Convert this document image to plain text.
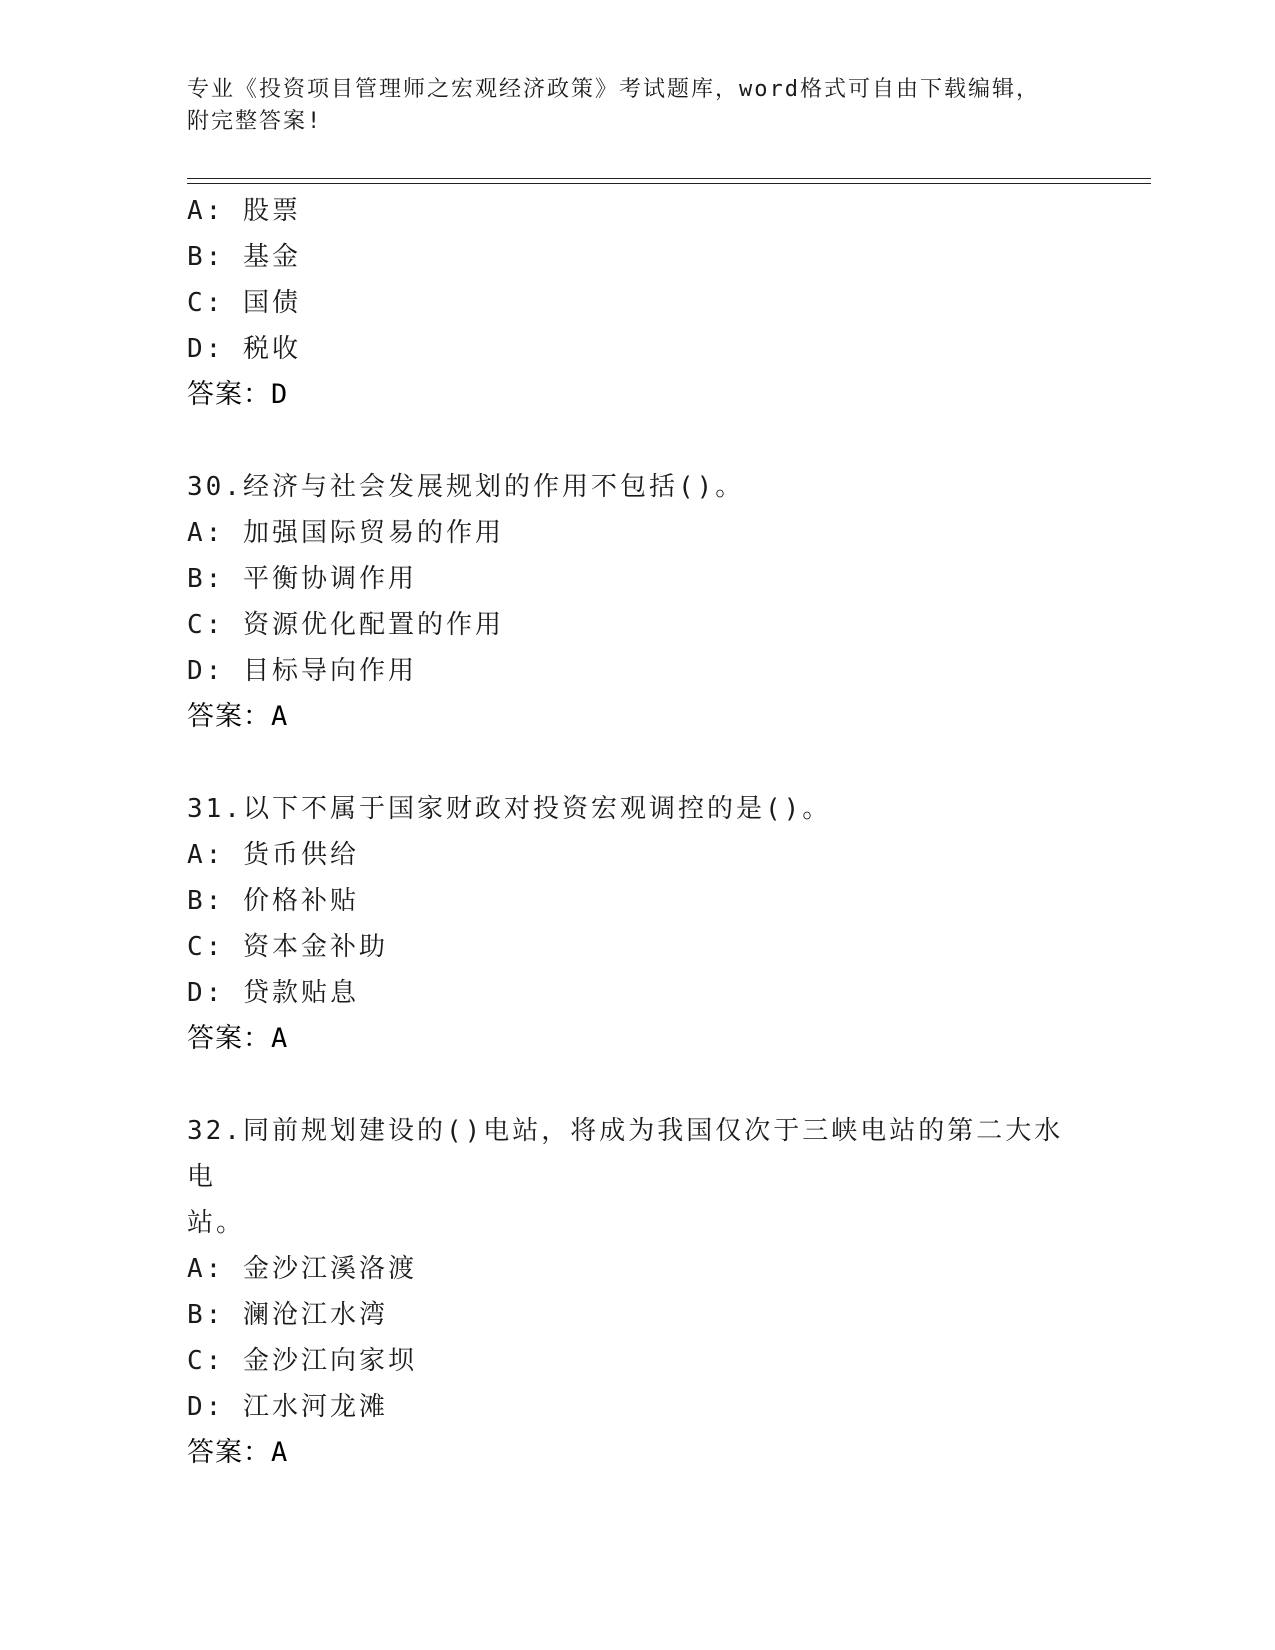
专业《投资项目管理师之宏观经济政策》考试题库，word格式可自由下载编辑，
附完整答案!
A: 股票
B: 基金
C: 国债
D: 税收
答案：D
30.经济与社会发展规划的作用不包括()。
A: 加强国际贸易的作用
B: 平衡协调作用
C: 资源优化配置的作用
D: 目标导向作用
答案：A
31.以下不属于国家财政对投资宏观调控的是()。
A: 货币供给
B: 价格补贴
C: 资本金补助
D: 贷款贴息
答案：A
32.同前规划建设的()电站，将成为我国仅次于三峡电站的第二大水电
站。
A: 金沙江溪洛渡
B: 澜沧江水湾
C: 金沙江向家坝
D: 江水河龙滩
答案：A
